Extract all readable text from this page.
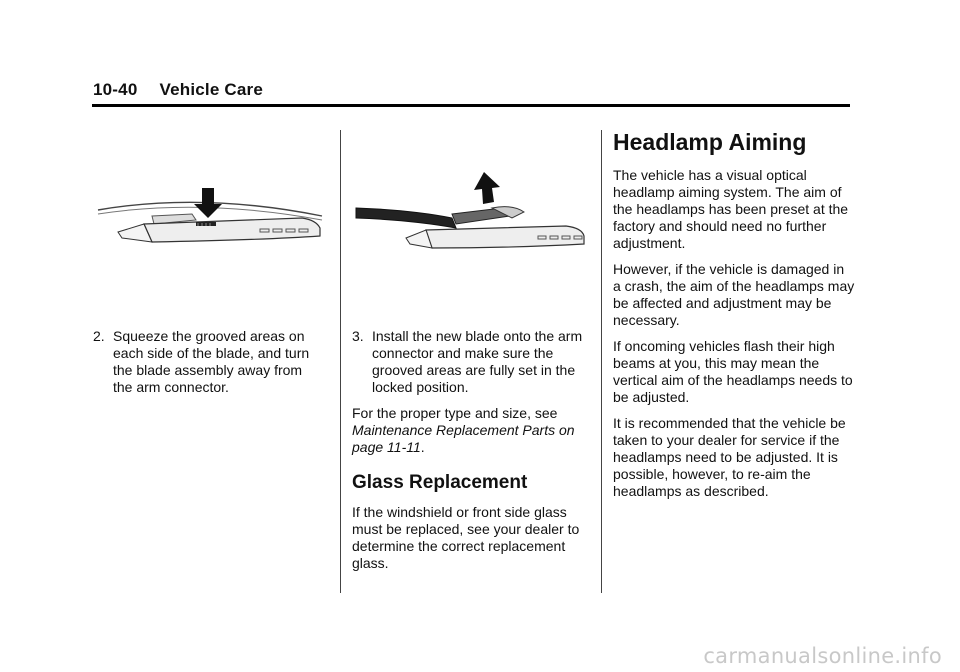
10-40 Vehicle Care
2. Squeeze the grooved areas on each side of the blade, and turn the blade assembly away from the arm connector.
3. Install the new blade onto the arm connector and make sure the grooved areas are fully set in the locked position.

For the proper type and size, see Maintenance Replacement Parts on page 11-11.

Glass Replacement

If the windshield or front side glass must be replaced, see your dealer to determine the correct replacement glass.

Headlamp Aiming

The vehicle has a visual optical headlamp aiming system. The aim of the headlamps has been preset at the factory and should need no further adjustment.

However, if the vehicle is damaged in a crash, the aim of the headlamps may be affected and adjustment may be necessary.

If oncoming vehicles flash their high beams at you, this may mean the vertical aim of the headlamps needs to be adjusted.

It is recommended that the vehicle be taken to your dealer for service if the headlamps need to be adjusted. It is possible, however, to re-aim the headlamps as described.

carmanualsonline.info
